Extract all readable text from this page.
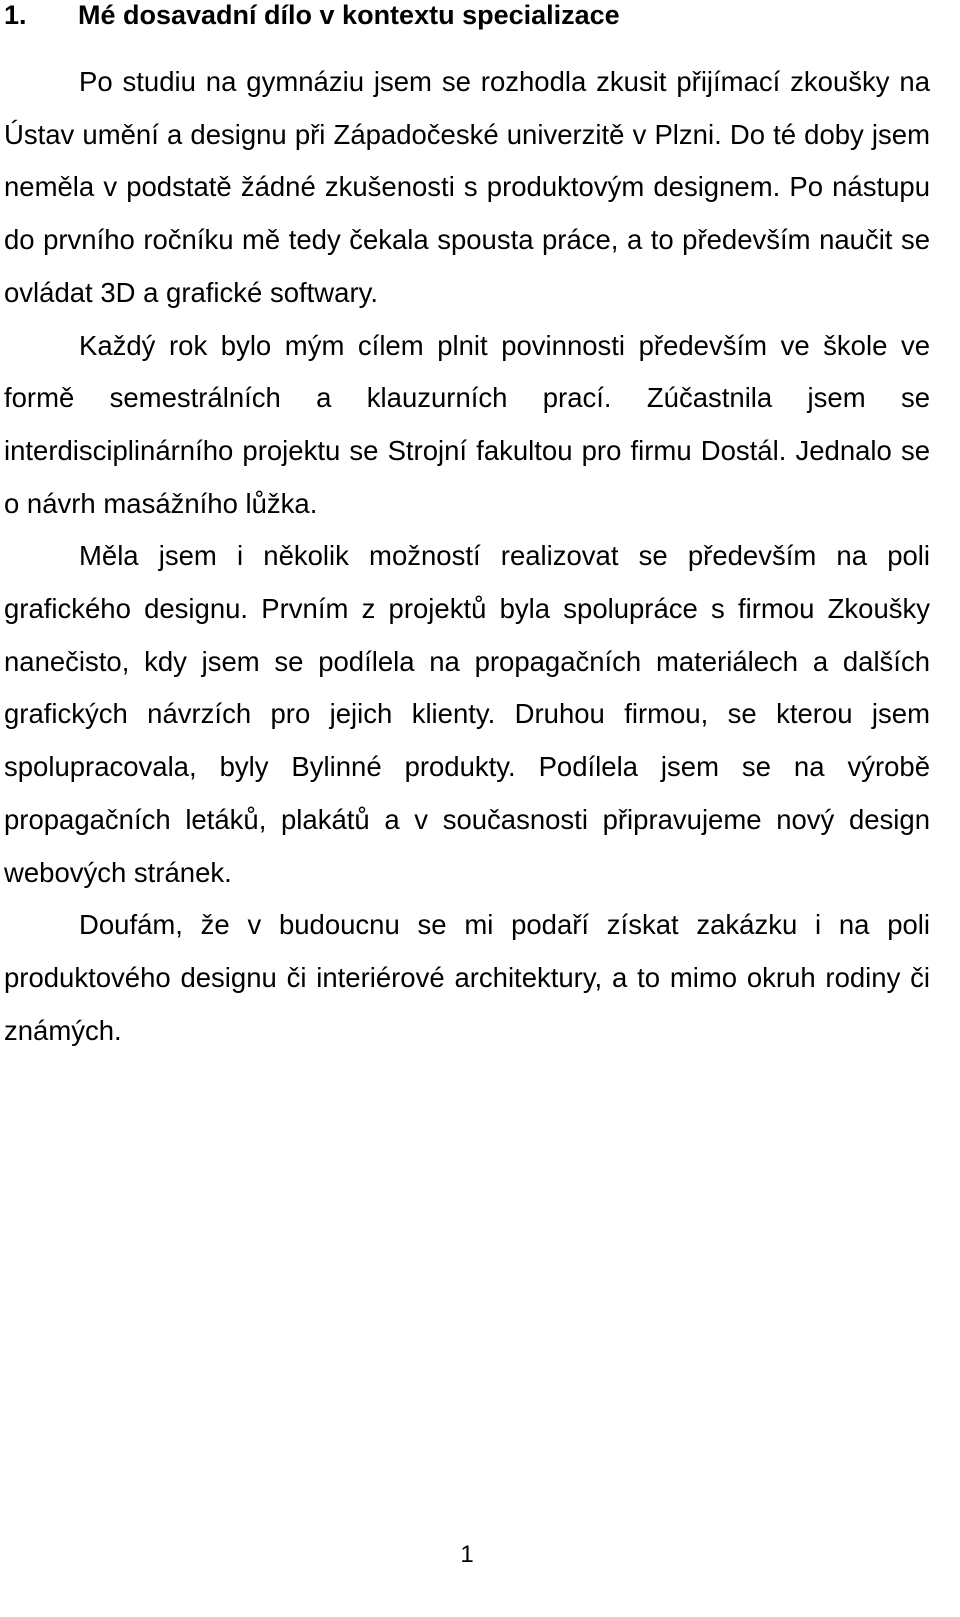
1. Mé dosavadní dílo v kontextu specializace

Po studiu na gymnáziu jsem se rozhodla zkusit přijímací zkoušky na Ústav umění a designu při Západočeské univerzitě v Plzni. Do té doby jsem neměla v podstatě žádné zkušenosti s produktovým designem. Po nástupu do prvního ročníku mě tedy čekala spousta práce, a to především naučit se ovládat 3D a grafické softwary.

Každý rok bylo mým cílem plnit povinnosti především ve škole ve formě semestrálních a klauzurních prací. Zúčastnila jsem se interdisciplinárního projektu se Strojní fakultou pro firmu Dostál. Jednalo se o návrh masážního lůžka.

Měla jsem i několik možností realizovat se především na poli grafického designu. Prvním z projektů byla spolupráce s firmou Zkoušky nanečisto, kdy jsem se podílela na propagačních materiálech a dalších grafických návrzích pro jejich klienty. Druhou firmou, se kterou jsem spolupracovala, byly Bylinné produkty. Podílela jsem se na výrobě propagačních letáků, plakátů a v současnosti připravujeme nový design webových stránek.

Doufám, že v budoucnu se mi podaří získat zakázku i na poli produktového designu či interiérové architektury, a to mimo okruh rodiny či známých.

1
